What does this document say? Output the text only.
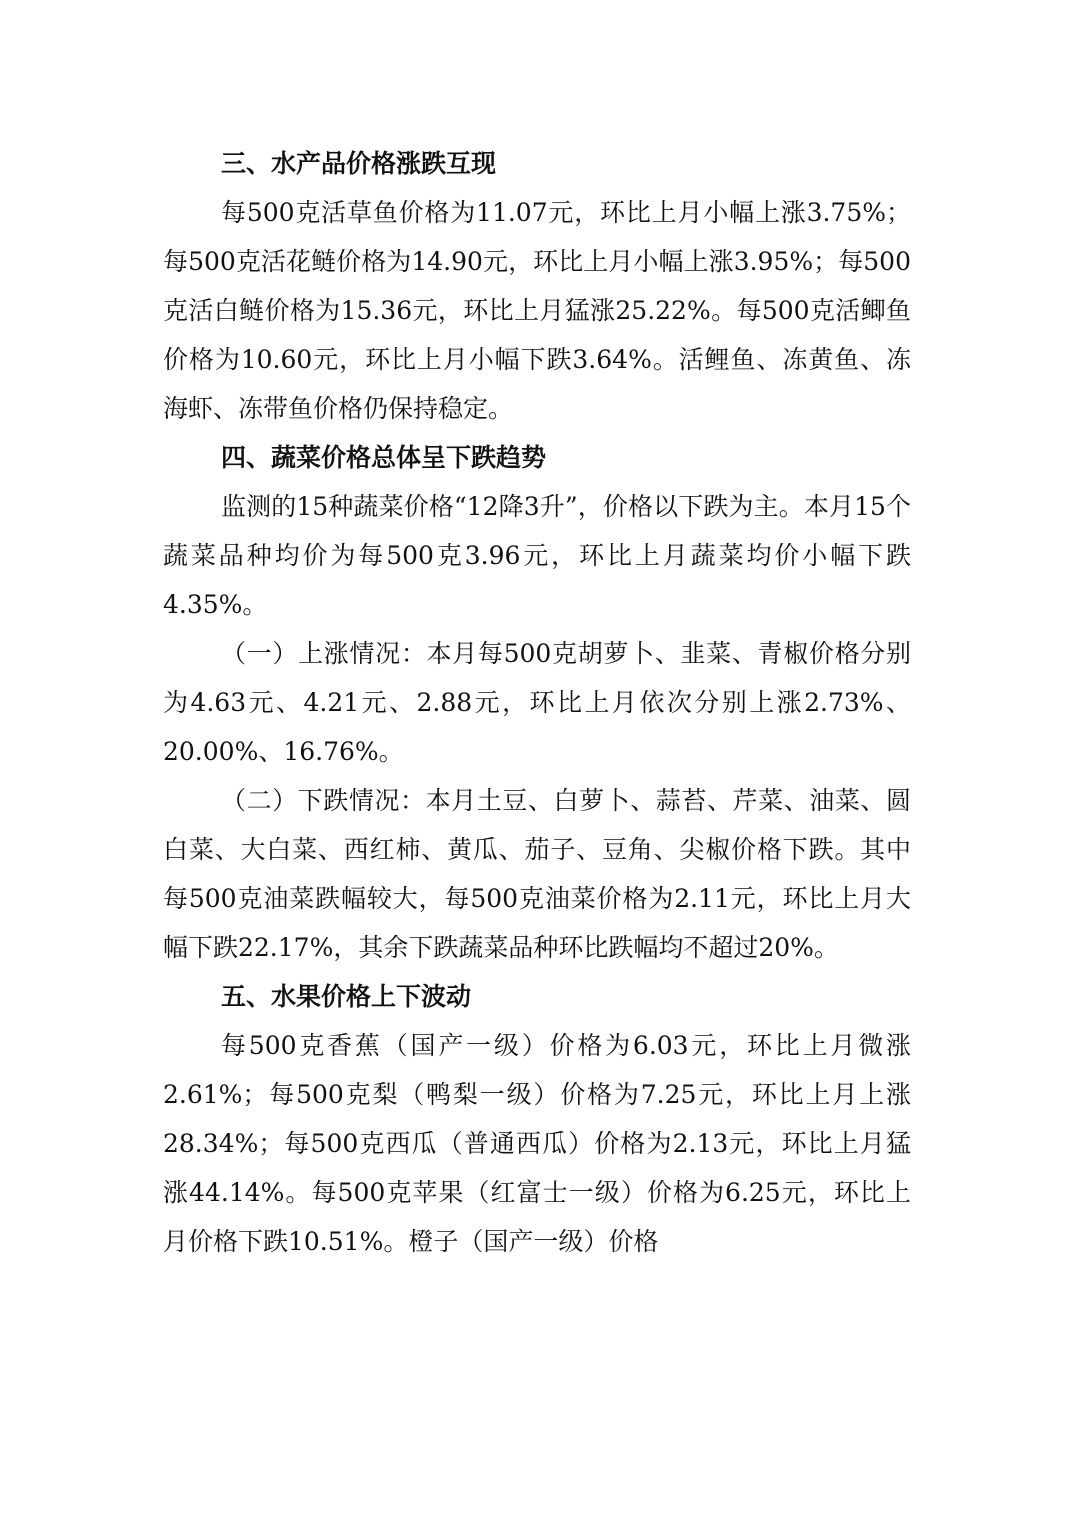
三、水产品价格涨跌互现

每500克活草鱼价格为11.07元，环比上月小幅上涨3.75%；每500克活花鲢价格为14.90元，环比上月小幅上涨3.95%；每500克活白鲢价格为15.36元，环比上月猛涨25.22%。每500克活鲫鱼价格为10.60元，环比上月小幅下跌3.64%。活鲤鱼、冻黄鱼、冻海虾、冻带鱼价格仍保持稳定。

四、蔬菜价格总体呈下跌趋势

监测的15种蔬菜价格“12降3升”，价格以下跌为主。本月15个蔬菜品种均价为每500克3.96元，环比上月蔬菜均价小幅下跌4.35%。

（一）上涨情况：本月每500克胡萝卜、韭菜、青椒价格分别为4.63元、4.21元、2.88元，环比上月依次分别上涨2.73%、20.00%、16.76%。

（二）下跌情况：本月土豆、白萝卜、蒜苔、芹菜、油菜、圆白菜、大白菜、西红柿、黄瓜、茄子、豆角、尖椒价格下跌。其中每500克油菜跌幅较大，每500克油菜价格为2.11元，环比上月大幅下跌22.17%，其余下跌蔬菜品种环比跌幅均不超过20%。

五、水果价格上下波动

每500克香蕉（国产一级）价格为6.03元，环比上月微涨2.61%；每500克梨（鸭梨一级）价格为7.25元，环比上月上涨28.34%；每500克西瓜（普通西瓜）价格为2.13元，环比上月猛涨44.14%。每500克苹果（红富士一级）价格为6.25元，环比上月价格下跌10.51%。橙子（国产一级）价格
